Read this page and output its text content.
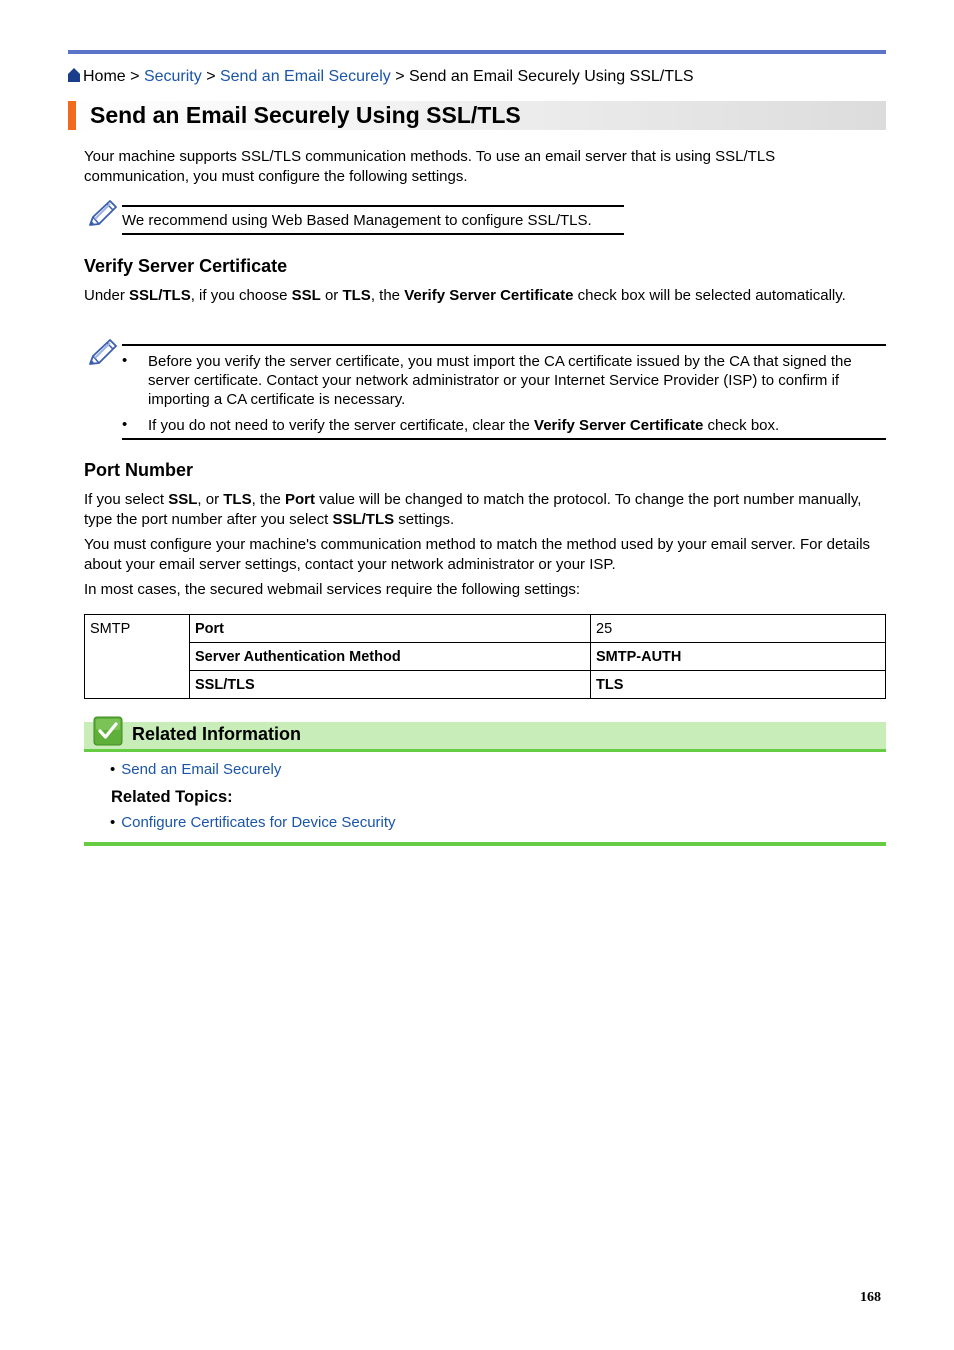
Home > Security > Send an Email Securely > Send an Email Securely Using SSL/TLS
Send an Email Securely Using SSL/TLS

Your machine supports SSL/TLS communication methods. To use an email server that is using SSL/TLS communication, you must configure the following settings.

We recommend using Web Based Management to configure SSL/TLS.
Verify Server Certificate

Under SSL/TLS, if you choose SSL or TLS, the Verify Server Certificate check box will be selected automatically.

• Before you verify the server certificate, you must import the CA certificate issued by the CA that signed the server certificate. Contact your network administrator or your Internet Service Provider (ISP) to confirm if importing a CA certificate is necessary.
• If you do not need to verify the server certificate, clear the Verify Server Certificate check box.
Port Number

If you select SSL, or TLS, the Port value will be changed to match the protocol. To change the port number manually, type the port number after you select SSL/TLS settings.

You must configure your machine's communication method to match the method used by your email server. For details about your email server settings, contact your network administrator or your ISP.

In most cases, the secured webmail services require the following settings:

SMTP	Port	25
	Server Authentication Method	SMTP-AUTH
	SSL/TLS	TLS
Related Information
• Send an Email Securely
Related Topics:
• Configure Certificates for Device Security
168
